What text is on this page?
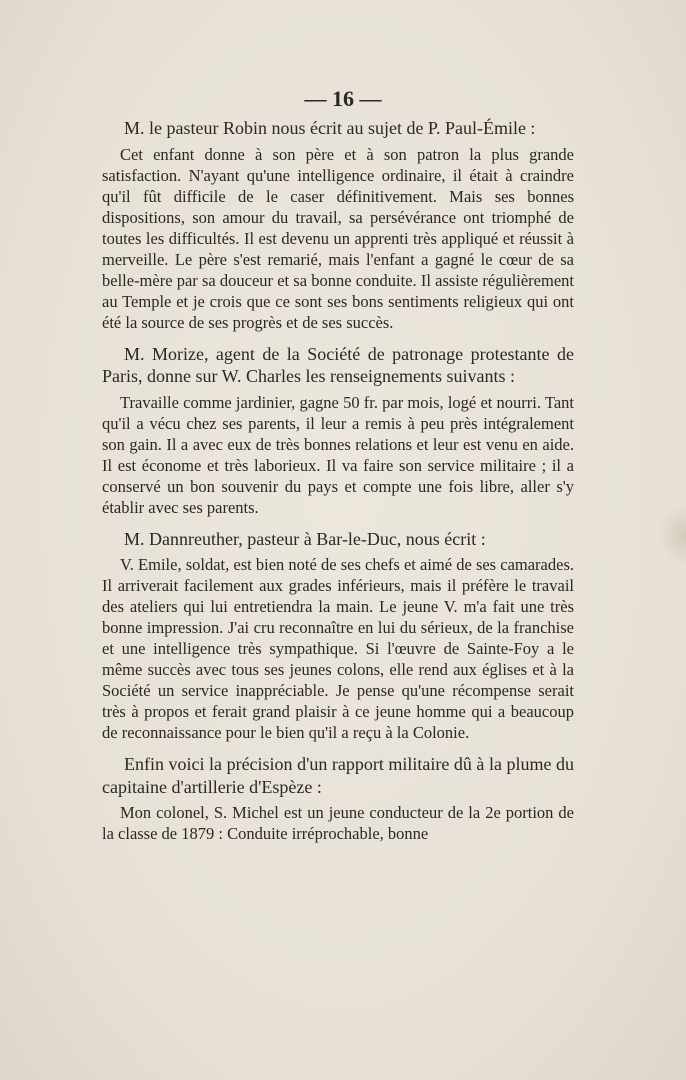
— 16 —

M. le pasteur Robin nous écrit au sujet de P. Paul-Émile :

Cet enfant donne à son père et à son patron la plus grande satisfaction. N'ayant qu'une intelligence ordinaire, il était à craindre qu'il fût difficile de le caser définitivement. Mais ses bonnes dispositions, son amour du travail, sa persévérance ont triomphé de toutes les difficultés. Il est devenu un apprenti très appliqué et réussit à merveille. Le père s'est remarié, mais l'enfant a gagné le cœur de sa belle-mère par sa douceur et sa bonne conduite. Il assiste régulièrement au Temple et je crois que ce sont ses bons sentiments religieux qui ont été la source de ses progrès et de ses succès.

M. Morize, agent de la Société de patronage protestante de Paris, donne sur W. Charles les renseignements suivants :

Travaille comme jardinier, gagne 50 fr. par mois, logé et nourri. Tant qu'il a vécu chez ses parents, il leur a remis à peu près intégralement son gain. Il a avec eux de très bonnes relations et leur est venu en aide. Il est économe et très laborieux. Il va faire son service militaire ; il a conservé un bon souvenir du pays et compte une fois libre, aller s'y établir avec ses parents.

M. Dannreuther, pasteur à Bar-le-Duc, nous écrit :

V. Emile, soldat, est bien noté de ses chefs et aimé de ses camarades. Il arriverait facilement aux grades inférieurs, mais il préfère le travail des ateliers qui lui entretiendra la main. Le jeune V. m'a fait une très bonne impression. J'ai cru reconnaître en lui du sérieux, de la franchise et une intelligence très sympathique. Si l'œuvre de Sainte-Foy a le même succès avec tous ses jeunes colons, elle rend aux églises et à la Société un service inappréciable. Je pense qu'une récompense serait très à propos et ferait grand plaisir à ce jeune homme qui a beaucoup de reconnaissance pour le bien qu'il a reçu à la Colonie.

Enfin voici la précision d'un rapport militaire dû à la plume du capitaine d'artillerie d'Espèze :

Mon colonel, S. Michel est un jeune conducteur de la 2e portion de la classe de 1879 : Conduite irréprochable, bonne
